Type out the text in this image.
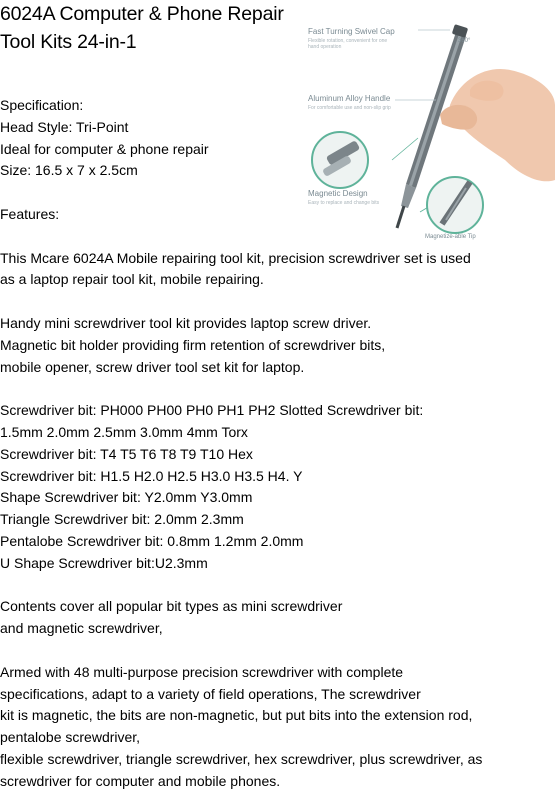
6024A Computer & Phone Repair
Tool Kits 24-in-1	360°
Fast Turning Swivel Cap
Flexible rotation, convenient for one
hand operation
Aluminum Alloy Handle
For comfortable use and non-slip grip
Magnetic Design
Easy to replace and change bits
Magnetize-able Tip

Specification:

Head Style: Tri-Point

Ideal for computer & phone repair

Size: 16.5 x 7 x 2.5cm

Features:

This Mcare 6024A Mobile repairing tool kit, precision screwdriver set is used

as a laptop repair tool kit, mobile repairing.

Handy mini screwdriver tool kit provides laptop screw driver.

Magnetic bit holder providing firm retention of screwdriver bits,

mobile opener, screw driver tool set kit for laptop.

Screwdriver bit: PH000 PH00 PH0 PH1 PH2 Slotted Screwdriver bit:

1.5mm 2.0mm 2.5mm 3.0mm 4mm Torx

Screwdriver bit: T4 T5 T6 T8 T9 T10 Hex

Screwdriver bit: H1.5 H2.0 H2.5 H3.0 H3.5 H4. Y

Shape Screwdriver bit: Y2.0mm Y3.0mm

Triangle Screwdriver bit: 2.0mm 2.3mm

Pentalobe Screwdriver bit: 0.8mm 1.2mm 2.0mm

U Shape Screwdriver bit:U2.3mm

Contents cover all popular bit types as mini screwdriver

and magnetic screwdriver,

Armed with 48 multi-purpose precision screwdriver with complete

specifications, adapt to a variety of field operations, The screwdriver

kit is magnetic, the bits are non-magnetic, but put bits into the extension rod,

pentalobe screwdriver,

flexible screwdriver, triangle screwdriver, hex screwdriver, plus screwdriver, as

screwdriver for computer and mobile phones.
